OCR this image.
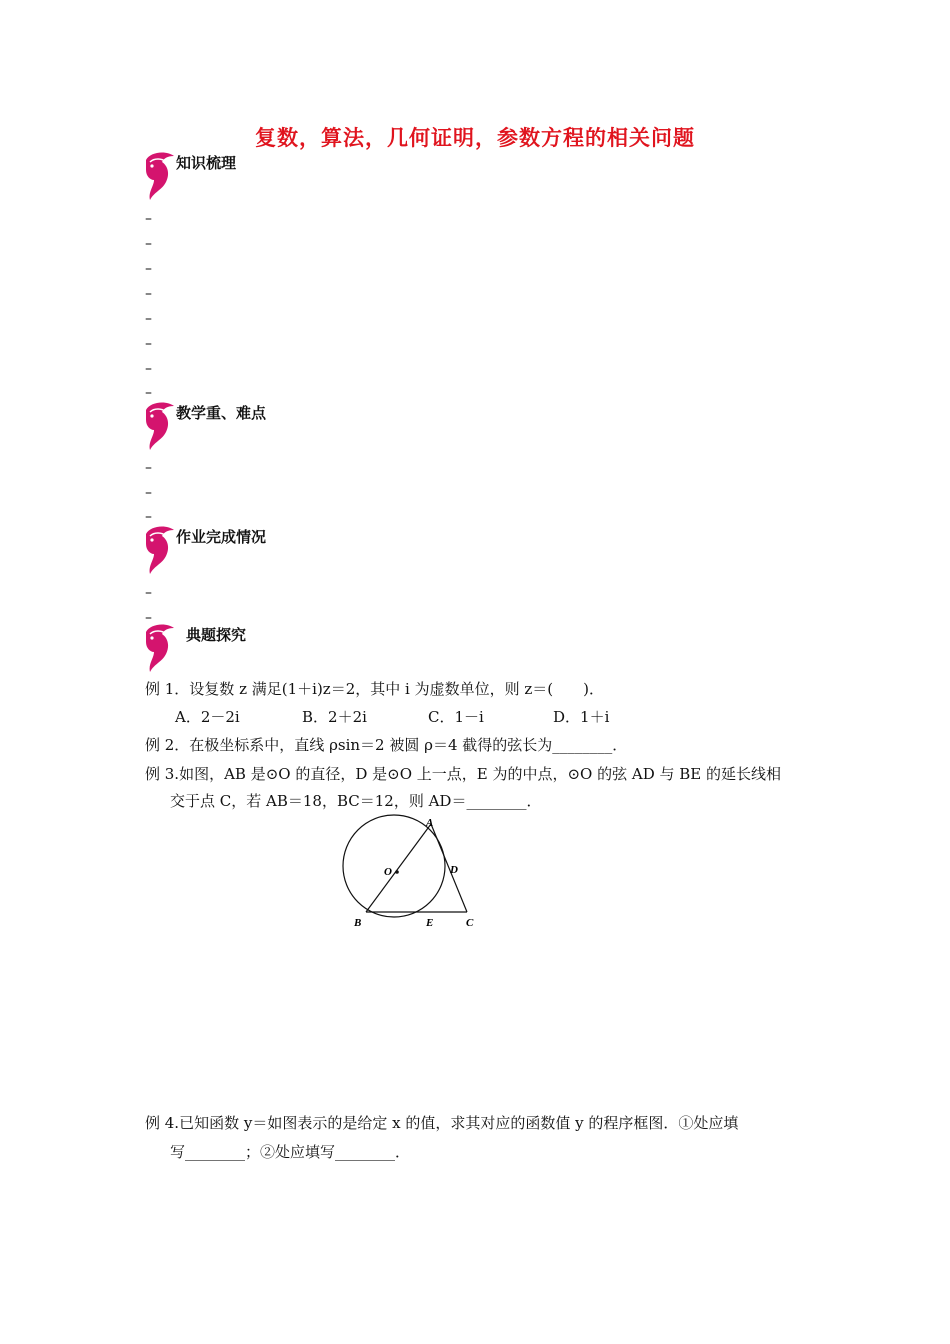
复数，算法，几何证明，参数方程的相关问题
知识梳理
–
–
–
–
–
–
–
–
教学重、难点
–
–
–
作业完成情况
–
–
典题探究
例 1．设复数 z 满足(1＋i)z＝2，其中 i 为虚数单位，则 z＝(　　)．
A．2－2i	B．2＋2i	C．1－i	D．1＋i
例 2．在极坐标系中，直线 ρsin＝2 被圆 ρ＝4 截得的弦长为________．
例 3.如图，AB 是⊙O 的直径，D 是⊙O 上一点，E 为的中点，⊙O 的弦 AD 与 BE 的延长线相
交于点 C，若 AB＝18，BC＝12，则 AD＝________．
A
D
O
B	E	C
例 4.已知函数 y＝如图表示的是给定 x 的值，求其对应的函数值 y 的程序框图．①处应填
写________；②处应填写________．
